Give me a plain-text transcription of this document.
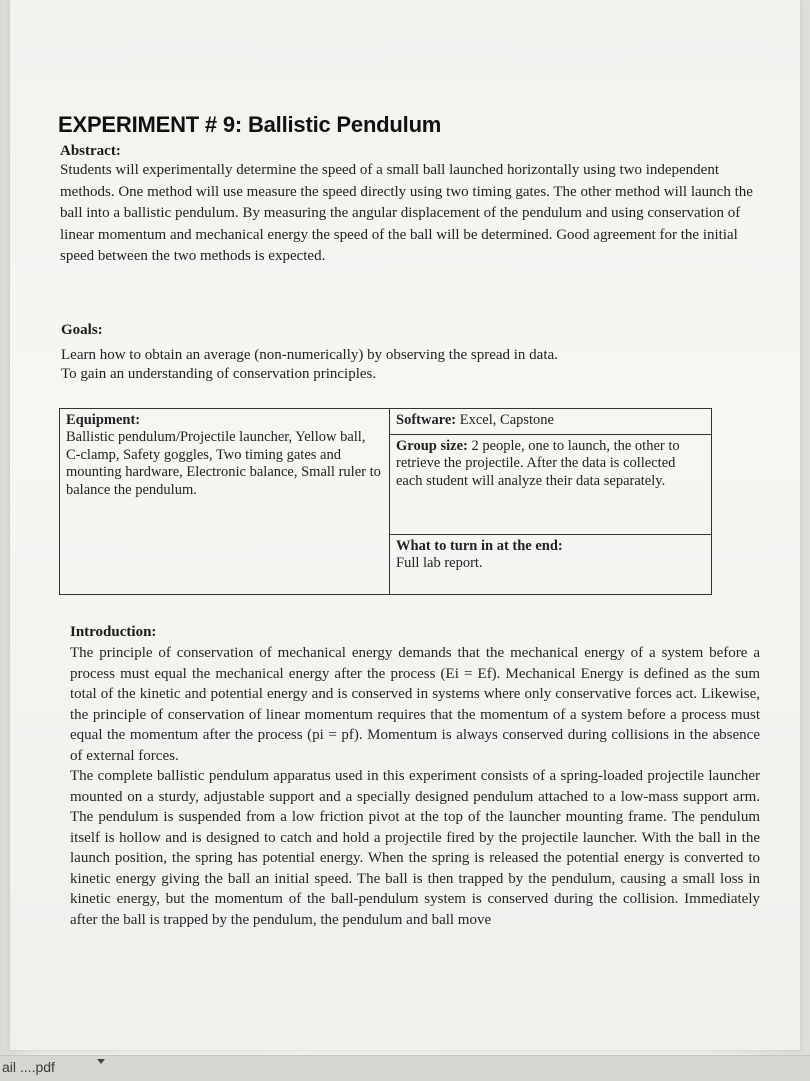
EXPERIMENT # 9: Ballistic Pendulum
Abstract:

Students will experimentally determine the speed of a small ball launched horizontally using two independent methods. One method will use measure the speed directly using two timing gates. The other method will launch the ball into a ballistic pendulum. By measuring the angular displacement of the pendulum and using conservation of linear momentum and mechanical energy the speed of the ball will be determined. Good agreement for the initial speed between the two methods is expected.

Goals:
Learn how to obtain an average (non-numerically) by observing the spread in data.
To gain an understanding of conservation principles.
Equipment:
Ballistic pendulum/Projectile launcher, Yellow ball, C-clamp, Safety goggles, Two timing gates and mounting hardware, Electronic balance, Small ruler to balance the pendulum.
Software: Excel, Capstone
Group size: 2 people, one to launch, the other to retrieve the projectile. After the data is collected each student will analyze their data separately.
What to turn in at the end:
Full lab report.
Introduction:

The principle of conservation of mechanical energy demands that the mechanical energy of a system before a process must equal the mechanical energy after the process (Ei = Ef). Mechanical Energy is defined as the sum total of the kinetic and potential energy and is conserved in systems where only conservative forces act. Likewise, the principle of conservation of linear momentum requires that the momentum of a system before a process must equal the momentum after the process (pi = pf). Momentum is always conserved during collisions in the absence of external forces.

The complete ballistic pendulum apparatus used in this experiment consists of a spring-loaded projectile launcher mounted on a sturdy, adjustable support and a specially designed pendulum attached to a low-mass support arm. The pendulum is suspended from a low friction pivot at the top of the launcher mounting frame. The pendulum itself is hollow and is designed to catch and hold a projectile fired by the projectile launcher. With the ball in the launch position, the spring has potential energy. When the spring is released the potential energy is converted to kinetic energy giving the ball an initial speed. The ball is then trapped by the pendulum, causing a small loss in kinetic energy, but the momentum of the ball-pendulum system is conserved during the collision. Immediately after the ball is trapped by the pendulum, the pendulum and ball move

ail ....pdf
